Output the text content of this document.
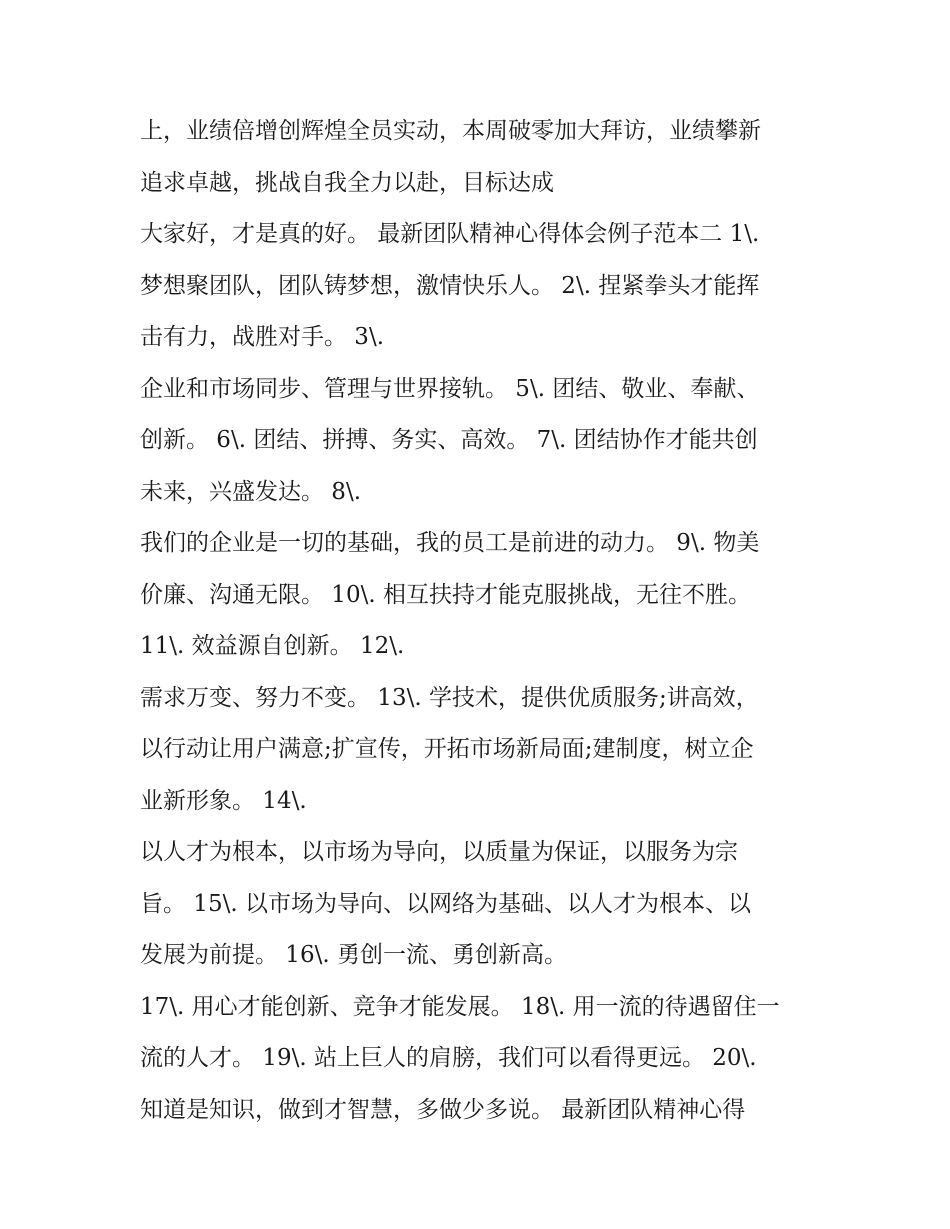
上，业绩倍增创辉煌全员实动，本周破零加大拜访，业绩攀新
追求卓越，挑战自我全力以赴，目标达成
大家好，才是真的好。 最新团队精神心得体会例子范本二 1\.
梦想聚团队，团队铸梦想，激情快乐人。 2\. 捏紧拳头才能挥
击有力，战胜对手。 3\.
企业和市场同步、管理与世界接轨。 5\. 团结、敬业、奉献、
创新。 6\. 团结、拼搏、务实、高效。 7\. 团结协作才能共创
未来，兴盛发达。 8\.
我们的企业是一切的基础，我的员工是前进的动力。 9\. 物美
价廉、沟通无限。 10\. 相互扶持才能克服挑战，无往不胜。
11\. 效益源自创新。 12\.
需求万变、努力不变。 13\. 学技术，提供优质服务;讲高效，
以行动让用户满意;扩宣传，开拓市场新局面;建制度，树立企
业新形象。 14\.
以人才为根本，以市场为导向，以质量为保证，以服务为宗
旨。 15\. 以市场为导向、以网络为基础、以人才为根本、以
发展为前提。 16\. 勇创一流、勇创新高。
17\. 用心才能创新、竞争才能发展。 18\. 用一流的待遇留住一
流的人才。 19\. 站上巨人的肩膀，我们可以看得更远。 20\.
知道是知识，做到才智慧，多做少多说。 最新团队精神心得
